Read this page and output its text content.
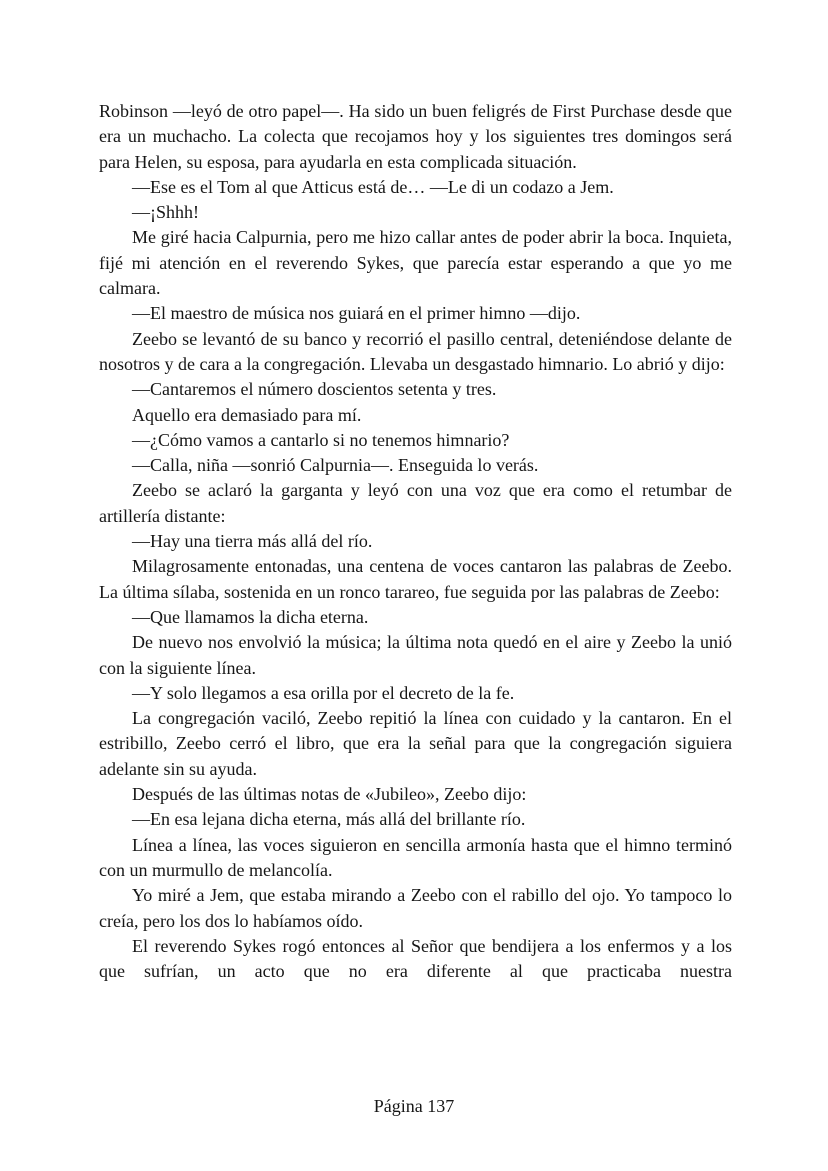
Robinson —leyó de otro papel—. Ha sido un buen feligrés de First Purchase desde que era un muchacho. La colecta que recojamos hoy y los siguientes tres domingos será para Helen, su esposa, para ayudarla en esta complicada situación.

—Ese es el Tom al que Atticus está de… —Le di un codazo a Jem.

—¡Shhh!

Me giré hacia Calpurnia, pero me hizo callar antes de poder abrir la boca. Inquieta, fijé mi atención en el reverendo Sykes, que parecía estar esperando a que yo me calmara.

—El maestro de música nos guiará en el primer himno —dijo.

Zeebo se levantó de su banco y recorrió el pasillo central, deteniéndose delante de nosotros y de cara a la congregación. Llevaba un desgastado himnario. Lo abrió y dijo:

—Cantaremos el número doscientos setenta y tres.

Aquello era demasiado para mí.

—¿Cómo vamos a cantarlo si no tenemos himnario?

—Calla, niña —sonrió Calpurnia—. Enseguida lo verás.

Zeebo se aclaró la garganta y leyó con una voz que era como el retumbar de artillería distante:

—Hay una tierra más allá del río.

Milagrosamente entonadas, una centena de voces cantaron las palabras de Zeebo. La última sílaba, sostenida en un ronco tarareo, fue seguida por las palabras de Zeebo:

—Que llamamos la dicha eterna.

De nuevo nos envolvió la música; la última nota quedó en el aire y Zeebo la unió con la siguiente línea.

—Y solo llegamos a esa orilla por el decreto de la fe.

La congregación vaciló, Zeebo repitió la línea con cuidado y la cantaron. En el estribillo, Zeebo cerró el libro, que era la señal para que la congregación siguiera adelante sin su ayuda.

Después de las últimas notas de «Jubileo», Zeebo dijo:

—En esa lejana dicha eterna, más allá del brillante río.

Línea a línea, las voces siguieron en sencilla armonía hasta que el himno terminó con un murmullo de melancolía.

Yo miré a Jem, que estaba mirando a Zeebo con el rabillo del ojo. Yo tampoco lo creía, pero los dos lo habíamos oído.

El reverendo Sykes rogó entonces al Señor que bendijera a los enfermos y a los que sufrían, un acto que no era diferente al que practicaba nuestra

Página 137
